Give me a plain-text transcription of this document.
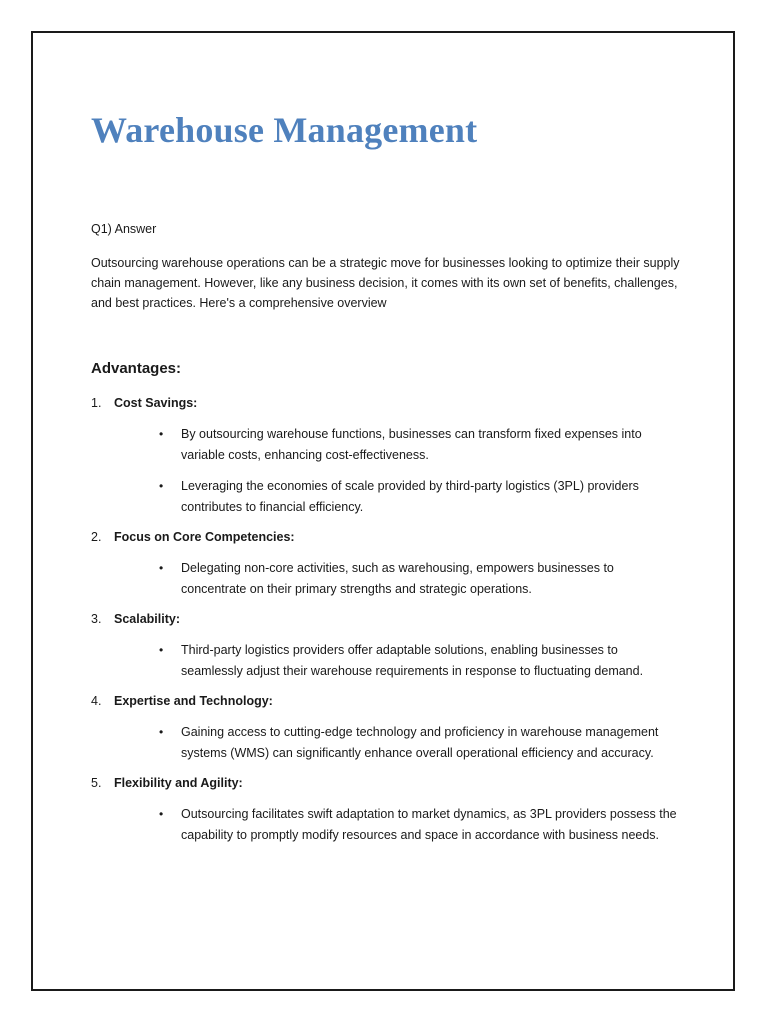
Warehouse Management

Q1) Answer

Outsourcing warehouse operations can be a strategic move for businesses looking to optimize their supply chain management. However, like any business decision, it comes with its own set of benefits, challenges, and best practices. Here's a comprehensive overview

Advantages:
1.	Cost Savings:
•	By outsourcing warehouse functions, businesses can transform fixed expenses into variable costs, enhancing cost-effectiveness.
•	Leveraging the economies of scale provided by third-party logistics (3PL) providers contributes to financial efficiency.
2.	Focus on Core Competencies:
•	Delegating non-core activities, such as warehousing, empowers businesses to concentrate on their primary strengths and strategic operations.
3.	Scalability:
•	Third-party logistics providers offer adaptable solutions, enabling businesses to seamlessly adjust their warehouse requirements in response to fluctuating demand.
4.	Expertise and Technology:
•	Gaining access to cutting-edge technology and proficiency in warehouse management systems (WMS) can significantly enhance overall operational efficiency and accuracy.
5.	Flexibility and Agility:
•	Outsourcing facilitates swift adaptation to market dynamics, as 3PL providers possess the capability to promptly modify resources and space in accordance with business needs.
